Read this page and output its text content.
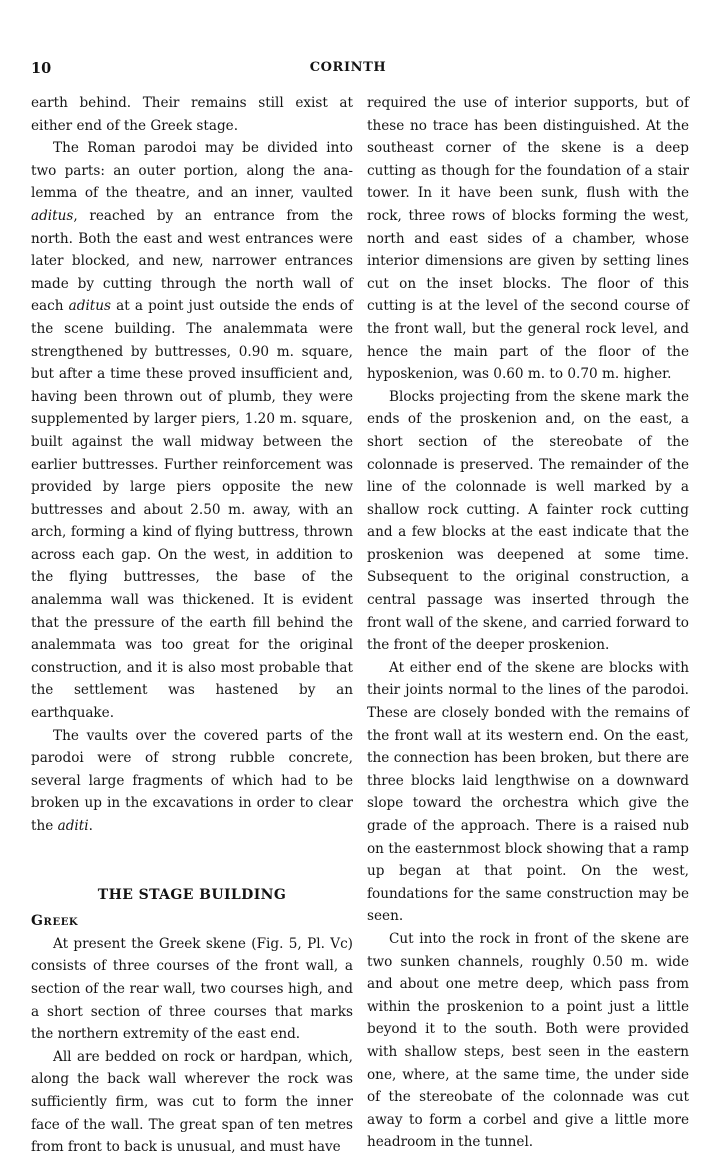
10	CORINTH

earth behind. Their remains still exist at either end of the Greek stage.

The Roman parodoi may be divided into two parts: an outer portion, along the analemma of the theatre, and an inner, vaulted aditus, reached by an entrance from the north. Both the east and west entrances were later blocked, and new, narrower entrances made by cutting through the north wall of each aditus at a point just outside the ends of the scene building. The analemmata were strengthened by buttresses, 0.90 m. square, but after a time these proved insufficient and, having been thrown out of plumb, they were supplemented by larger piers, 1.20 m. square, built against the wall midway between the earlier buttresses. Further reinforcement was provided by large piers opposite the new buttresses and about 2.50 m. away, with an arch, forming a kind of flying buttress, thrown across each gap. On the west, in addition to the flying buttresses, the base of the analemma wall was thickened. It is evident that the pressure of the earth fill behind the analemmata was too great for the original construction, and it is also most probable that the settlement was hastened by an earthquake.

The vaults over the covered parts of the parodoi were of strong rubble concrete, several large fragments of which had to be broken up in the excavations in order to clear the aditi.

THE STAGE BUILDING
Greek

At present the Greek skene (Fig. 5, Pl. Vc) consists of three courses of the front wall, a section of the rear wall, two courses high, and a short section of three courses that marks the northern extremity of the east end.

All are bedded on rock or hardpan, which, along the back wall wherever the rock was sufficiently firm, was cut to form the inner face of the wall. The great span of ten metres from front to back is unusual, and must have

required the use of interior supports, but of these no trace has been distinguished. At the southeast corner of the skene is a deep cutting as though for the foundation of a stair tower. In it have been sunk, flush with the rock, three rows of blocks forming the west, north and east sides of a chamber, whose interior dimensions are given by setting lines cut on the inset blocks. The floor of this cutting is at the level of the second course of the front wall, but the general rock level, and hence the main part of the floor of the hyposkenion, was 0.60 m. to 0.70 m. higher.

Blocks projecting from the skene mark the ends of the proskenion and, on the east, a short section of the stereobate of the colonnade is preserved. The remainder of the line of the colonnade is well marked by a shallow rock cutting. A fainter rock cutting and a few blocks at the east indicate that the proskenion was deepened at some time. Subsequent to the original construction, a central passage was inserted through the front wall of the skene, and carried forward to the front of the deeper proskenion.

At either end of the skene are blocks with their joints normal to the lines of the parodoi. These are closely bonded with the remains of the front wall at its western end. On the east, the connection has been broken, but there are three blocks laid lengthwise on a downward slope toward the orchestra which give the grade of the approach. There is a raised nub on the easternmost block showing that a ramp up began at that point. On the west, foundations for the same construction may be seen.

Cut into the rock in front of the skene are two sunken channels, roughly 0.50 m. wide and about one metre deep, which pass from within the proskenion to a point just a little beyond it to the south. Both were provided with shallow steps, best seen in the eastern one, where, at the same time, the under side of the stereobate of the colonnade was cut away to form a corbel and give a little more headroom in the tunnel.
